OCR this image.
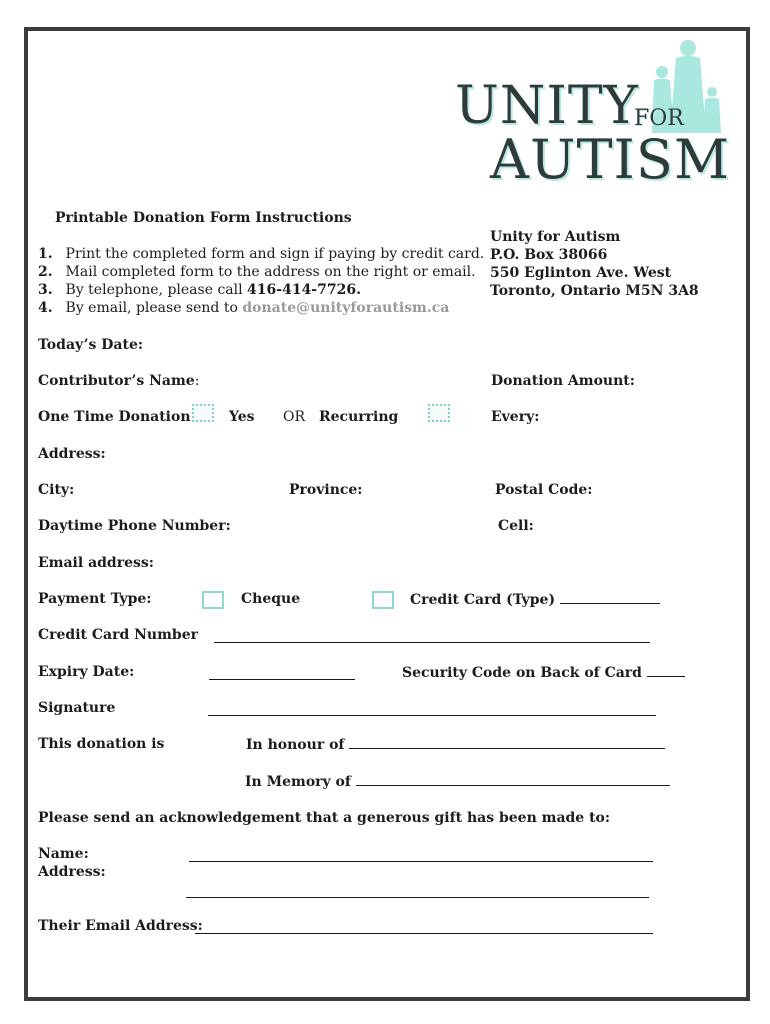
UNITY
FOR
AUTISM
Printable Donation Form Instructions
1. Print the completed form and sign if paying by credit card.
2. Mail completed form to the address on the right or email.
3. By telephone, please call 416-414-7726.
4. By email, please send to donate@unityforautism.ca
Unity for Autism
P.O. Box 38066
550 Eglinton Ave. West
Toronto, Ontario M5N 3A8
Today’s Date:
Contributor’s Name:	Donation Amount:
One Time Donation	Yes OR Recurring	Every:
Address:
City:	Province:	Postal Code:
Daytime Phone Number:	Cell:
Email address:
Payment Type:	Cheque	Credit Card (Type)
Credit Card Number
Expiry Date:	Security Code on Back of Card
Signature
This donation is	In honour of
In Memory of
Please send an acknowledgement that a generous gift has been made to:
Name:
Address:
Their Email Address:
